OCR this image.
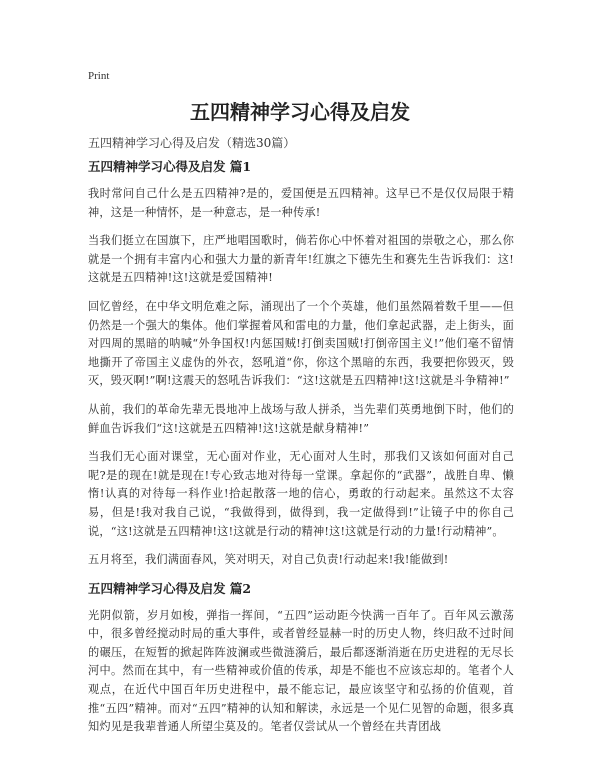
Print
五四精神学习心得及启发
五四精神学习心得及启发（精选30篇）
五四精神学习心得及启发 篇1

我时常问自己什么是五四精神?是的，爱国便是五四精神。这早已不是仅仅局限于精神，这是一种情怀，是一种意志，是一种传承!

当我们挺立在国旗下，庄严地唱国歌时，倘若你心中怀着对祖国的崇敬之心，那么你就是一个拥有丰富内心和强大力量的新青年!红旗之下德先生和赛先生告诉我们：这!这就是五四精神!这!这就是爱国精神!

回忆曾经，在中华文明危难之际，涌现出了一个个英雄，他们虽然隔着数千里——但仍然是一个强大的集体。他们掌握着风和雷电的力量，他们拿起武器，走上街头，面对四周的黑暗的呐喊“外争国权!内惩国贼!打倒卖国贼!打倒帝国主义!”他们毫不留情地撕开了帝国主义虚伪的外衣，怒吼道“你，你这个黑暗的东西，我要把你毁灭，毁灭，毁灭啊!”啊!这震天的怒吼告诉我们：“这!这就是五四精神!这!这就是斗争精神!”

从前，我们的革命先辈无畏地冲上战场与敌人拼杀，当先辈们英勇地倒下时，他们的鲜血告诉我们“这!这就是五四精神!这!这就是献身精神!”

当我们无心面对课堂，无心面对作业，无心面对人生时，那我们又该如何面对自己呢?是的现在!就是现在!专心致志地对待每一堂课。拿起你的“武器”，战胜自卑、懒惰!认真的对待每一科作业!拾起散落一地的信心，勇敢的行动起来。虽然这不太容易，但是!我对我自己说，“我做得到，做得到，我一定做得到!”让镜子中的你自己说，“这!这就是五四精神!这!这就是行动的精神!这!这就是行动的力量!行动精神”。

五月将至，我们满面春风，笑对明天，对自己负责!行动起来!我!能做到!

五四精神学习心得及启发 篇2

光阴似箭，岁月如梭，弹指一挥间，“五四”运动距今快满一百年了。百年风云激荡中，很多曾经搅动时局的重大事件，或者曾经显赫一时的历史人物，终归敌不过时间的碾压，在短暂的掀起阵阵波澜或些微涟漪后，最后都逐渐消逝在历史进程的无尽长河中。然而在其中，有一些精神或价值的传承，却是不能也不应该忘却的。笔者个人观点，在近代中国百年历史进程中，最不能忘记，最应该坚守和弘扬的价值观，首推“五四”精神。而对“五四”精神的认知和解读，永远是一个见仁见智的命题，很多真知灼见是我辈普通人所望尘莫及的。笔者仅尝试从一个曾经在共青团战
